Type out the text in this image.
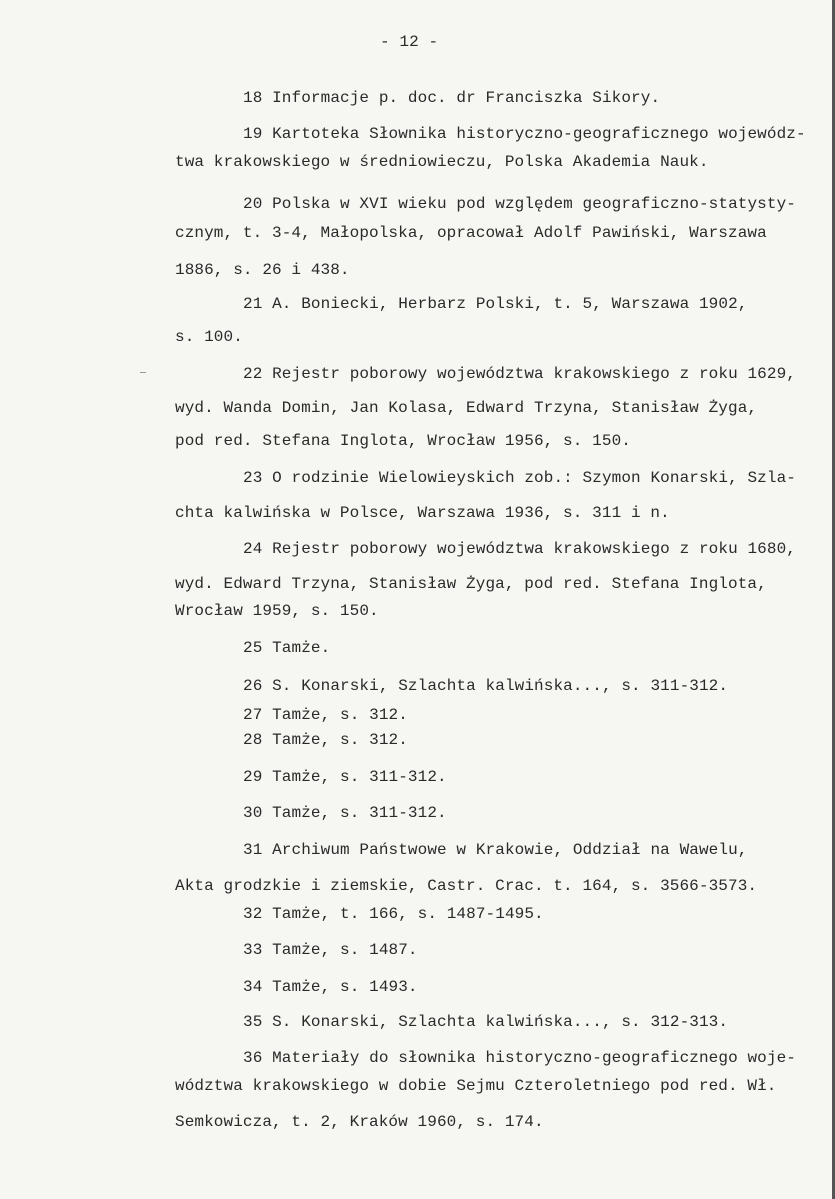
- 12 -
18 Informacje p. doc. dr Franciszka Sikory.
19 Kartoteka Słownika historyczno-geograficznego wojewódz-
twa krakowskiego w średniowieczu, Polska Akademia Nauk.
20 Polska w XVI wieku pod względem geograficzno-statysty-
cznym, t. 3-4, Małopolska, opracował Adolf Pawiński, Warszawa
1886, s. 26 i 438.
21 A. Boniecki, Herbarz Polski, t. 5, Warszawa 1902,
s. 100.
22 Rejestr poborowy województwa krakowskiego z roku 1629,
wyd. Wanda Domin, Jan Kolasa, Edward Trzyna, Stanisław Żyga,
pod red. Stefana Inglota, Wrocław 1956, s. 150.
23 O rodzinie Wielowieyskich zob.: Szymon Konarski, Szla-
chta kalwińska w Polsce, Warszawa 1936, s. 311 i n.
24 Rejestr poborowy województwa krakowskiego z roku 1680,
wyd. Edward Trzyna, Stanisław Żyga, pod red. Stefana Inglota,
Wrocław 1959, s. 150.
25 Tamże.
26 S. Konarski, Szlachta kalwińska..., s. 311-312.
27 Tamże, s. 312.
28 Tamże, s. 312.
29 Tamże, s. 311-312.
30 Tamże, s. 311-312.
31 Archiwum Państwowe w Krakowie, Oddział na Wawelu,
Akta grodzkie i ziemskie, Castr. Crac. t. 164, s. 3566-3573.
32 Tamże, t. 166, s. 1487-1495.
33 Tamże, s. 1487.
34 Tamże, s. 1493.
35 S. Konarski, Szlachta kalwińska..., s. 312-313.
36 Materiały do słownika historyczno-geograficznego woje-
wództwa krakowskiego w dobie Sejmu Czteroletniego pod red. Wł.
Semkowicza, t. 2, Kraków 1960, s. 174.
